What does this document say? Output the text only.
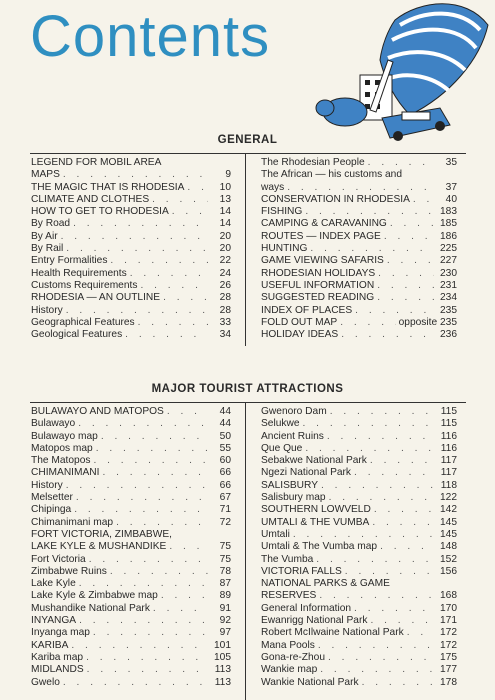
Contents
GENERAL
LEGEND FOR MOBIL AREA
MAPS . . .	9
THE MAGIC THAT IS RHODESIA . . .	10
CLIMATE AND CLOTHES . . .	13
HOW TO GET TO RHODESIA . . .	14
By Road . . .	14
By Air . . .	20
By Rail . . .	20
Entry Formalities . . .	22
Health Requirements . . .	24
Customs Requirements . . .	26
RHODESIA — AN OUTLINE . . .	28
History . . .	28
Geographical Features . . .	33
Geological Features . . .	34
The Rhodesian People . . .	35
The African — his customs and
ways . . .	37
CONSERVATION IN RHODESIA . . .	40
FISHING . . .	183
CAMPING & CARAVANING . . .	185
ROUTES — INDEX PAGE . . .	186
HUNTING . . .	225
GAME VIEWING SAFARIS . . .	227
RHODESIAN HOLIDAYS . . .	230
USEFUL INFORMATION . . .	231
SUGGESTED READING . . .	234
INDEX OF PLACES . . .	235
FOLD OUT MAP . . .	opposite 235
HOLIDAY IDEAS . . .	236
MAJOR TOURIST ATTRACTIONS
BULAWAYO AND MATOPOS . . .	44
Bulawayo . . .	44
Bulawayo map . . .	50
Matopos map . . .	55
The Matopos . . .	60
CHIMANIMANI . . .	66
History . . .	66
Melsetter . . .	67
Chipinga . . .	71
Chimanimani map . . .	72
FORT VICTORIA, ZIMBABWE,
LAKE KYLE & MUSHANDIKE . . .	75
Fort Victoria . . .	75
Zimbabwe Ruins . . .	78
Lake Kyle . . .	87
Lake Kyle & Zimbabwe map . . .	89
Mushandike National Park . . .	91
INYANGA . . .	92
Inyanga map . . .	97
KARIBA . . .	101
Kariba map . . .	105
MIDLANDS . . .	113
Gwelo . . .	113
Gwenoro Dam . . .	115
Selukwe . . .	115
Ancient Ruins . . .	116
Que Que . . .	116
Sebakwe National Park . . .	117
Ngezi National Park . . .	117
SALISBURY . . .	118
Salisbury map . . .	122
SOUTHERN LOWVELD . . .	142
UMTALI & THE VUMBA . . .	145
Umtali . . .	145
Umtali & The Vumba map . . .	148
The Vumba . . .	152
VICTORIA FALLS . . .	156
NATIONAL PARKS & GAME
RESERVES . . .	168
General Information . . .	170
Ewanrigg National Park . . .	171
Robert McIlwaine National Park . . .	172
Mana Pools . . .	172
Gona-re-Zhou . . .	175
Wankie map . . .	177
Wankie National Park . . .	178
